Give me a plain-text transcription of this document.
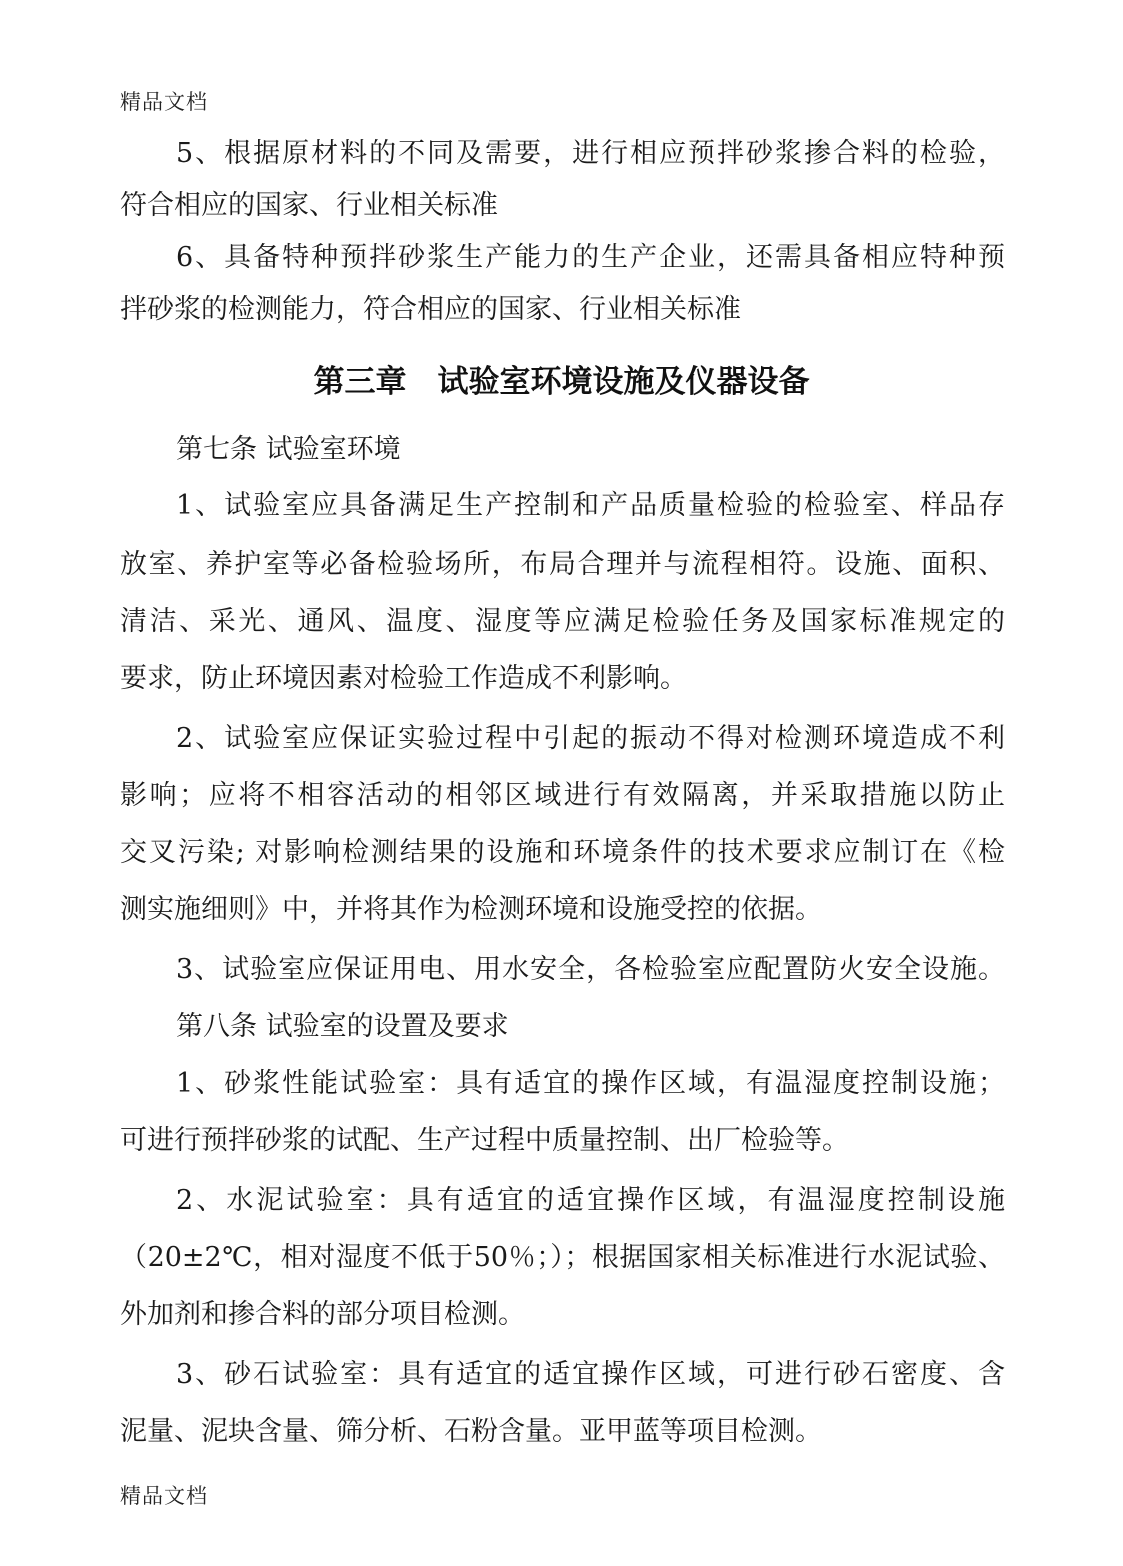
精品文档
5、根据原材料的不同及需要，进行相应预拌砂浆掺合料的检验，
符合相应的国家、行业相关标准
6、具备特种预拌砂浆生产能力的生产企业，还需具备相应特种预
拌砂浆的检测能力，符合相应的国家、行业相关标准
第三章　试验室环境设施及仪器设备
第七条 试验室环境
1、试验室应具备满足生产控制和产品质量检验的检验室、样品存
放室、养护室等必备检验场所，布局合理并与流程相符。设施、面积、
清洁、采光、通风、温度、湿度等应满足检验任务及国家标准规定的
要求，防止环境因素对检验工作造成不利影响。
2、试验室应保证实验过程中引起的振动不得对检测环境造成不利
影响；应将不相容活动的相邻区域进行有效隔离，并采取措施以防止
交叉污染; 对影响检测结果的设施和环境条件的技术要求应制订在《检
测实施细则》中，并将其作为检测环境和设施受控的依据。
3、试验室应保证用电、用水安全，各检验室应配置防火安全设施。
第八条 试验室的设置及要求
1、砂浆性能试验室：具有适宜的操作区域，有温湿度控制设施；
可进行预拌砂浆的试配、生产过程中质量控制、出厂检验等。
2、水泥试验室：具有适宜的适宜操作区域，有温湿度控制设施
（20±2℃，相对湿度不低于50％；）；根据国家相关标准进行水泥试验、
外加剂和掺合料的部分项目检测。
3、砂石试验室：具有适宜的适宜操作区域，可进行砂石密度、含
泥量、泥块含量、筛分析、石粉含量。亚甲蓝等项目检测。
精品文档
